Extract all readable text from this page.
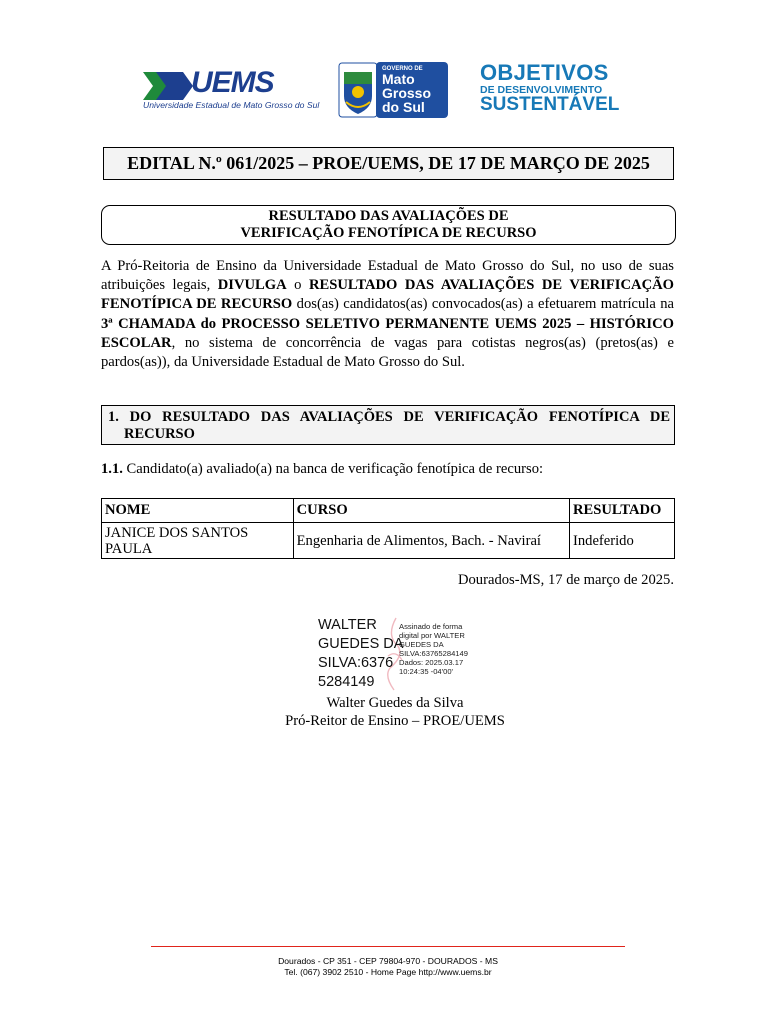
UEMS
Universidade Estadual de Mato Grosso do Sul
GOVERNO DE
Mato
Grosso
do Sul
OBJETIVOS
DE DESENVOLVIMENTO
SUSTENTÁVEL
EDITAL N.º 061/2025 – PROE/UEMS, DE 17 DE MARÇO DE 2025
RESULTADO DAS AVALIAÇÕES DE
VERIFICAÇÃO FENOTÍPICA DE RECURSO
A Pró-Reitoria de Ensino da Universidade Estadual de Mato Grosso do Sul, no uso de suas atribuições legais, DIVULGA o RESULTADO DAS AVALIAÇÕES DE VERIFICAÇÃO FENOTÍPICA DE RECURSO dos(as) candidatos(as) convocados(as) a efetuarem matrícula na 3ª CHAMADA do PROCESSO SELETIVO PERMANENTE UEMS 2025 – HISTÓRICO ESCOLAR, no sistema de concorrência de vagas para cotistas negros(as) (pretos(as) e pardos(as)), da Universidade Estadual de Mato Grosso do Sul.
1. DO RESULTADO DAS AVALIAÇÕES DE VERIFICAÇÃO FENOTÍPICA DE
RECURSO
1.1. Candidato(a) avaliado(a) na banca de verificação fenotípica de recurso:
NOME	CURSO	RESULTADO

JANICE DOS SANTOS
PAULA	Engenharia de Alimentos, Bach. - Naviraí	Indeferido
Dourados-MS, 17 de março de 2025.
WALTER
GUEDES DA
SILVA:6376
5284149
Assinado de forma
digital por WALTER
GUEDES DA
SILVA:63765284149
Dados: 2025.03.17
10:24:35 -04'00'
Walter Guedes da Silva
Pró-Reitor de Ensino – PROE/UEMS
Dourados - CP 351 - CEP 79804-970 - DOURADOS - MS
Tel. (067) 3902 2510 - Home Page http://www.uems.br
